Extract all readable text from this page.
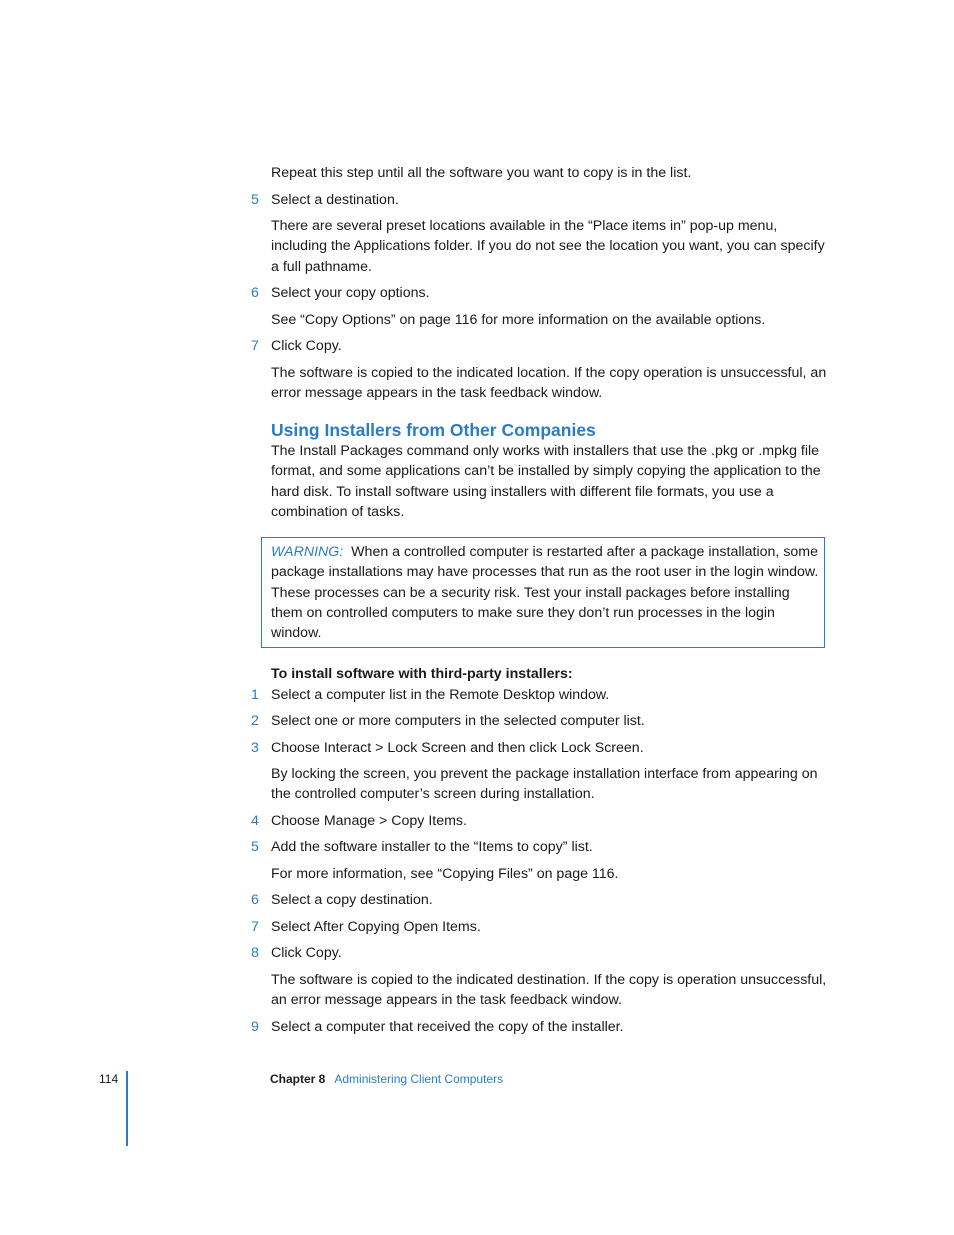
Repeat this step until all the software you want to copy is in the list.

5 Select a destination.

There are several preset locations available in the “Place items in” pop-up menu, including the Applications folder. If you do not see the location you want, you can specify a full pathname.

6 Select your copy options.

See “Copy Options” on page 116 for more information on the available options.

7 Click Copy.

The software is copied to the indicated location. If the copy operation is unsuccessful, an error message appears in the task feedback window.

Using Installers from Other Companies

The Install Packages command only works with installers that use the .pkg or .mpkg file format, and some applications can’t be installed by simply copying the application to the hard disk. To install software using installers with different file formats, you use a combination of tasks.

WARNING: When a controlled computer is restarted after a package installation, some package installations may have processes that run as the root user in the login window. These processes can be a security risk. Test your install packages before installing them on controlled computers to make sure they don’t run processes in the login window.

To install software with third-party installers:

1 Select a computer list in the Remote Desktop window.

2 Select one or more computers in the selected computer list.

3 Choose Interact > Lock Screen and then click Lock Screen.

By locking the screen, you prevent the package installation interface from appearing on the controlled computer’s screen during installation.

4 Choose Manage > Copy Items.

5 Add the software installer to the “Items to copy” list.

For more information, see “Copying Files” on page 116.

6 Select a copy destination.

7 Select After Copying Open Items.

8 Click Copy.

The software is copied to the indicated destination. If the copy is operation unsuccessful, an error message appears in the task feedback window.

9 Select a computer that received the copy of the installer.

114	Chapter 8 Administering Client Computers
